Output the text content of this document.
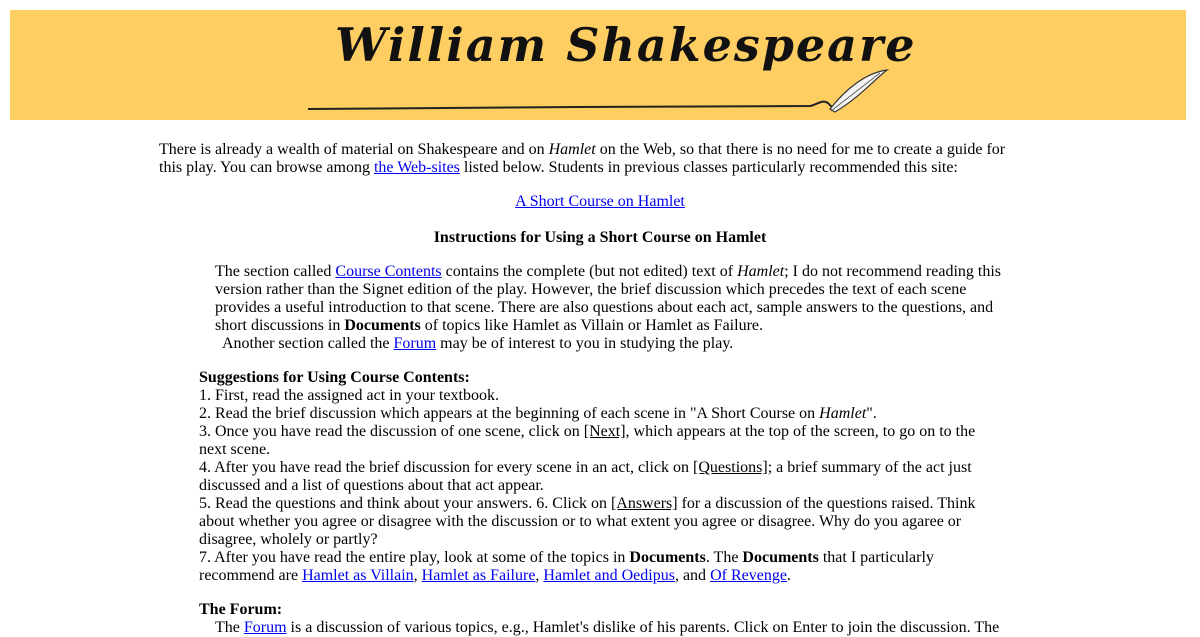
William Shakespeare
There is already a wealth of material on Shakespeare and on Hamlet on the Web, so that there is no need for me to create a guide for this play. You can browse among the Web-sites listed below. Students in previous classes particularly recommended this site:
A Short Course on Hamlet
Instructions for Using a Short Course on Hamlet
The section called Course Contents contains the complete (but not edited) text of Hamlet; I do not recommend reading this version rather than the Signet edition of the play. However, the brief discussion which precedes the text of each scene provides a useful introduction to that scene. There are also questions about each act, sample answers to the questions, and short discussions in Documents of topics like Hamlet as Villain or Hamlet as Failure.
Another section called the Forum may be of interest to you in studying the play.
Suggestions for Using Course Contents:
1. First, read the assigned act in your textbook.
2. Read the brief discussion which appears at the beginning of each scene in "A Short Course on Hamlet".
3. Once you have read the discussion of one scene, click on [Next], which appears at the top of the screen, to go on to the next scene.
4. After you have read the brief discussion for every scene in an act, click on [Questions]; a brief summary of the act just discussed and a list of questions about that act appear.
5. Read the questions and think about your answers. 6. Click on [Answers] for a discussion of the questions raised. Think about whether you agree or disagree with the discussion or to what extent you agree or disagree. Why do you agaree or disagree, wholely or partly?
7. After you have read the entire play, look at some of the topics in Documents. The Documents that I particularly recommend are Hamlet as Villain, Hamlet as Failure, Hamlet and Oedipus, and Of Revenge.
The Forum:
The Forum is a discussion of various topics, e.g., Hamlet's dislike of his parents. Click on Enter to join the discussion. The
